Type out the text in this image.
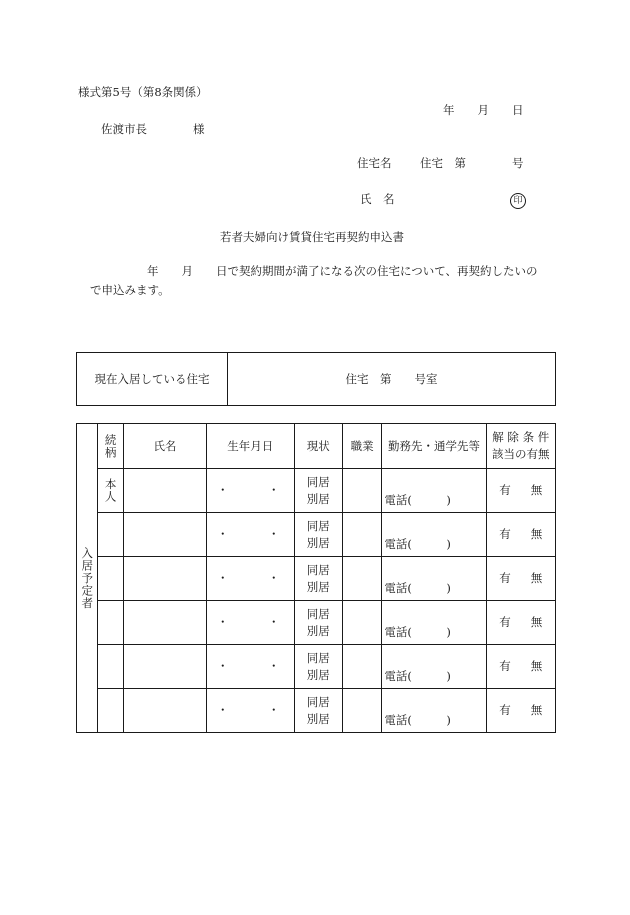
様式第5号（第8条関係）
年　　月　　日
佐渡市長　　　　様
住宅名 住宅　第　　　　号
氏　名	印
若者夫婦向け賃貸住宅再契約申込書
年　　月　　日で契約期間が満了になる次の住宅について、再契約したいの
で申込みます。
現在入居している住宅	住宅　第　　号室
入居予定者	続柄	氏名	生年月日	現状	職業	勤務先・通学先等	解 除 条 件
該当の有無

	本人		・　・	同居
別居		電話(　　　)	有 無
			・　・	同居
別居		電話(　　　)	有 無
			・　・	同居
別居		電話(　　　)	有 無
			・　・	同居
別居		電話(　　　)	有 無
			・　・	同居
別居		電話(　　　)	有 無
			・　・	同居
別居		電話(　　　)	有 無
